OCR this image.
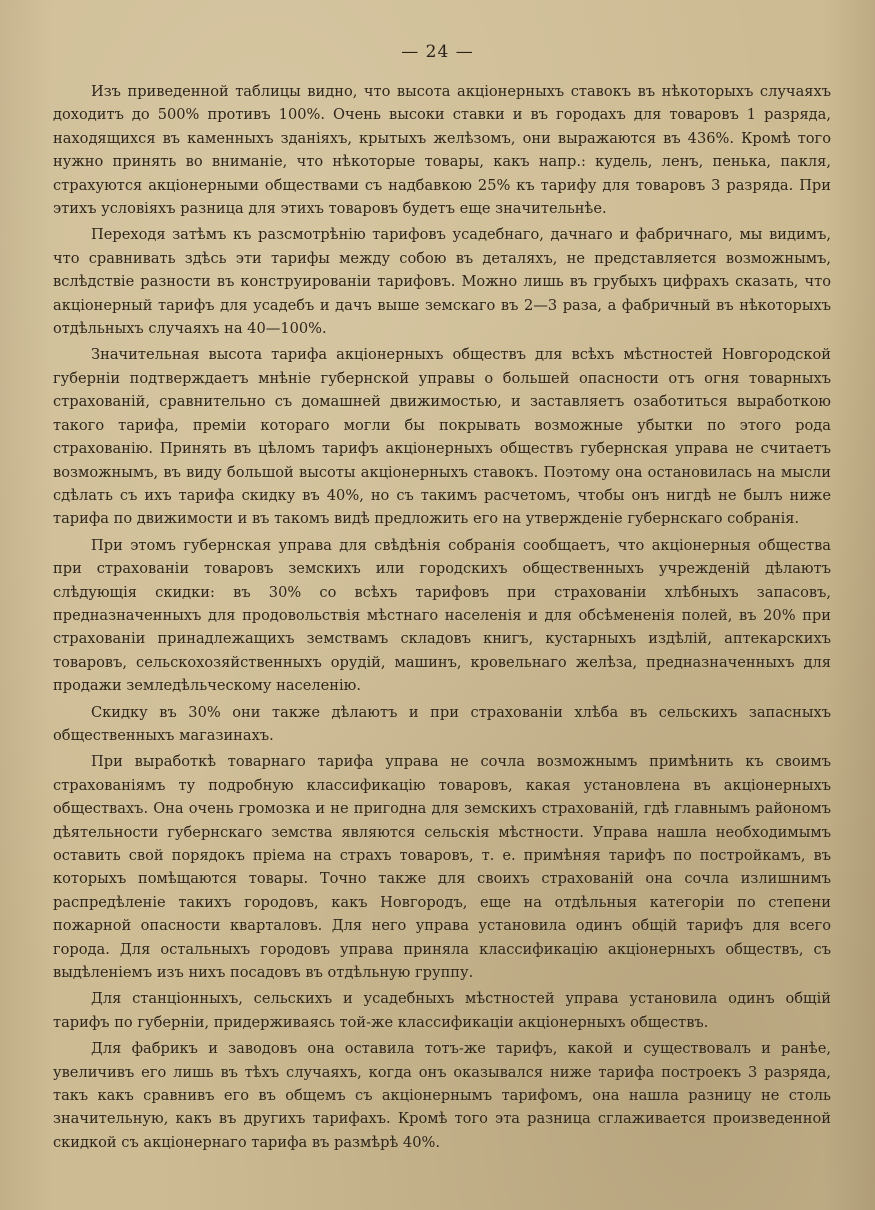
— 24 —

Изъ приведенной таблицы видно, что высота акціонерныхъ ставокъ въ нѣкоторыхъ случаяхъ доходитъ до 500% противъ 100%. Очень высоки ставки и въ городахъ для товаровъ 1 разряда, находящихся въ каменныхъ зданіяхъ, крытыхъ желѣзомъ, они выражаются въ 436%. Кромѣ того нужно принять во вниманіе, что нѣкоторые товары, какъ напр.: кудель, ленъ, пенька, пакля, страхуются акціонерными обществами съ надбавкою 25% къ тарифу для товаровъ 3 разряда. При этихъ условіяхъ разница для этихъ товаровъ будетъ еще значительнѣе.

Переходя затѣмъ къ разсмотрѣнію тарифовъ усадебнаго, дачнаго и фабричнаго, мы видимъ, что сравнивать здѣсь эти тарифы между собою въ деталяхъ, не представляется возможнымъ, вслѣдствіе разности въ конструированіи тарифовъ. Можно лишь въ грубыхъ цифрахъ сказать, что акціонерный тарифъ для усадебъ и дачъ выше земскаго въ 2—3 раза, а фабричный въ нѣкоторыхъ отдѣльныхъ случаяхъ на 40—100%.

Значительная высота тарифа акціонерныхъ обществъ для всѣхъ мѣстностей Новгородской губерніи подтверждаетъ мнѣніе губернской управы о большей опасности отъ огня товарныхъ страхованій, сравнительно съ домашней движимостью, и заставляетъ озаботиться выработкою такого тарифа, преміи котораго могли бы покрывать возможные убытки по этого рода страхованію. Принять въ цѣломъ тарифъ акціонерныхъ обществъ губернская управа не считаетъ возможнымъ, въ виду большой высоты акціонерныхъ ставокъ. Поэтому она остановилась на мысли сдѣлать съ ихъ тарифа скидку въ 40%, но съ такимъ расчетомъ, чтобы онъ нигдѣ не былъ ниже тарифа по движимости и въ такомъ видѣ предложить его на утвержденіе губернскаго собранія.

При этомъ губернская управа для свѣдѣнія собранія сообщаетъ, что акціонерныя общества при страхованіи товаровъ земскихъ или городскихъ общественныхъ учрежденій дѣлаютъ слѣдующія скидки: въ 30% со всѣхъ тарифовъ при страхованіи хлѣбныхъ запасовъ, предназначенныхъ для продовольствія мѣстнаго населенія и для обсѣмененія полей, въ 20% при страхованіи принадлежащихъ земствамъ складовъ книгъ, кустарныхъ издѣлій, аптекарскихъ товаровъ, сельскохозяйственныхъ орудій, машинъ, кровельнаго желѣза, предназначенныхъ для продажи земледѣльческому населенію.

Скидку въ 30% они также дѣлаютъ и при страхованіи хлѣба въ сельскихъ запасныхъ общественныхъ магазинахъ.

При выработкѣ товарнаго тарифа управа не сочла возможнымъ примѣнить къ своимъ страхованіямъ ту подробную классификацію товаровъ, какая установлена въ акціонерныхъ обществахъ. Она очень громозка и не пригодна для земскихъ страхованій, гдѣ главнымъ райономъ дѣятельности губернскаго земства являются сельскія мѣстности. Управа нашла необходимымъ оставить свой порядокъ пріема на страхъ товаровъ, т. е. примѣняя тарифъ по постройкамъ, въ которыхъ помѣщаются товары. Точно также для своихъ страхованій она сочла излишнимъ распредѣленіе такихъ городовъ, какъ Новгородъ, еще на отдѣльныя категоріи по степени пожарной опасности кварталовъ. Для него управа установила одинъ общій тарифъ для всего города. Для остальныхъ городовъ управа приняла классификацію акціонерныхъ обществъ, съ выдѣленіемъ изъ нихъ посадовъ въ отдѣльную группу.

Для станціонныхъ, сельскихъ и усадебныхъ мѣстностей управа установила одинъ общій тарифъ по губерніи, придерживаясь той-же классификаціи акціонерныхъ обществъ.

Для фабрикъ и заводовъ она оставила тотъ-же тарифъ, какой и существовалъ и ранѣе, увеличивъ его лишь въ тѣхъ случаяхъ, когда онъ оказывался ниже тарифа построекъ 3 разряда, такъ какъ сравнивъ его въ общемъ съ акціонернымъ тарифомъ, она нашла разницу не столь значительную, какъ въ другихъ тарифахъ. Кромѣ того эта разница сглаживается произведенной скидкой съ акціонернаго тарифа въ размѣрѣ 40%.
